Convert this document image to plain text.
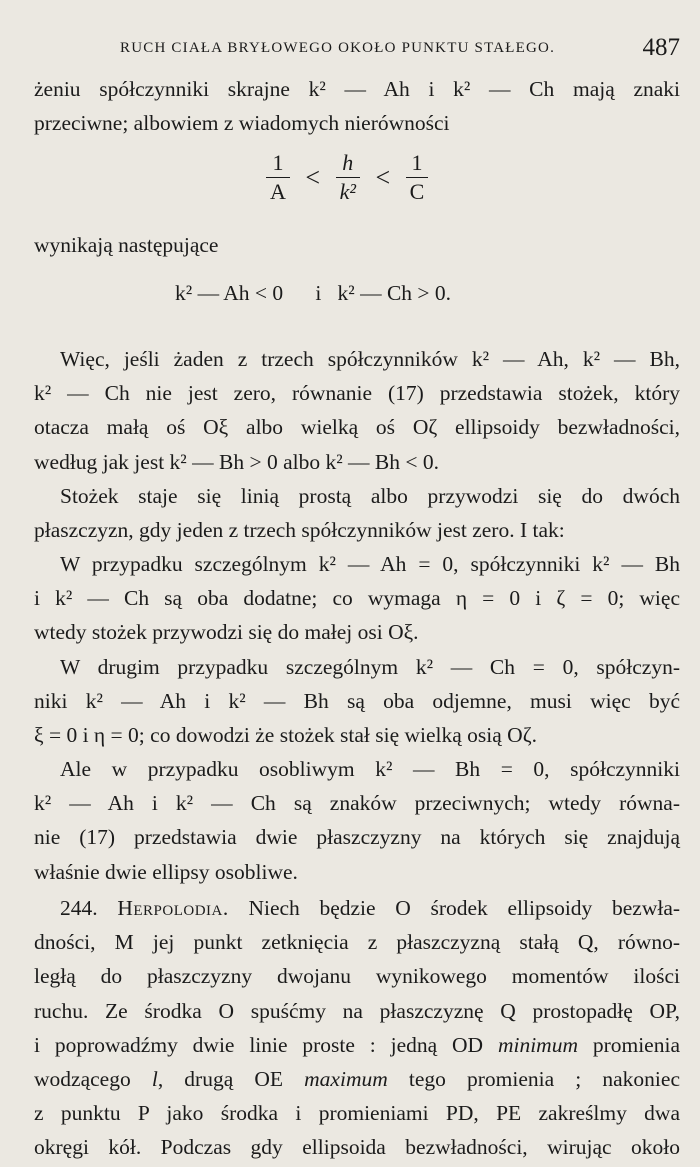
RUCH CIAŁA BRYŁOWEGO OKOŁO PUNKTU STAŁEGO.	487
żeniu spółczynniki skrajne k² — Ah i k² — Ch mają znaki
przeciwne; albowiem z wiadomych nierówności
$\frac{1}{A} < \frac{h}{\text{k²}} < \frac{1}{C}$
wynikają następujące
k² — Ah < 0      i   k² — Ch > 0.
Więc, jeśli żaden z trzech spółczynników k² — Ah, k² — Bh,
k² — Ch nie jest zero, równanie (17) przedstawia stożek, który
otacza małą oś Oξ albo wielką oś Oζ ellipsoidy bezwładności,
według jak jest k² — Bh > 0 albo k² — Bh < 0.
Stożek staje się linią prostą albo przywodzi się do dwóch
płaszczyzn, gdy jeden z trzech spółczynników jest zero. I tak:
W przypadku szczególnym k² — Ah = 0, spółczynniki k² — Bh
i k² — Ch są oba dodatne; co wymaga η = 0 i ζ = 0; więc
wtedy stożek przywodzi się do małej osi Oξ.
W drugim przypadku szczególnym k² — Ch = 0, spółczyn-
niki k² — Ah i k² — Bh są oba odjemne, musi więc być
ξ = 0 i η = 0; co dowodzi że stożek stał się wielką osią Oζ.
Ale w przypadku osobliwym k² — Bh = 0, spółczynniki
k² — Ah i k² — Ch są znaków przeciwnych; wtedy równa-
nie (17) przedstawia dwie płaszczyzny na których się znajdują
właśnie dwie ellipsy osobliwe.
244. Herpolodia. Niech będzie O środek ellipsoidy bezwła-
dności, M jej punkt zetknięcia z płaszczyzną stałą Q, równo-
ległą do płaszczyzny dwojanu wynikowego momentów ilości
ruchu. Ze środka O spuśćmy na płaszczyznę Q prostopadłę OP,
i poprowadźmy dwie linie proste : jedną OD minimum promienia
wodzącego l, drugą OE maximum tego promienia ; nakoniec
z punktu P jako środka i promieniami PD, PE zakreślmy dwa
okręgi kół. Podczas gdy ellipsoida bezwładności, wirując około
